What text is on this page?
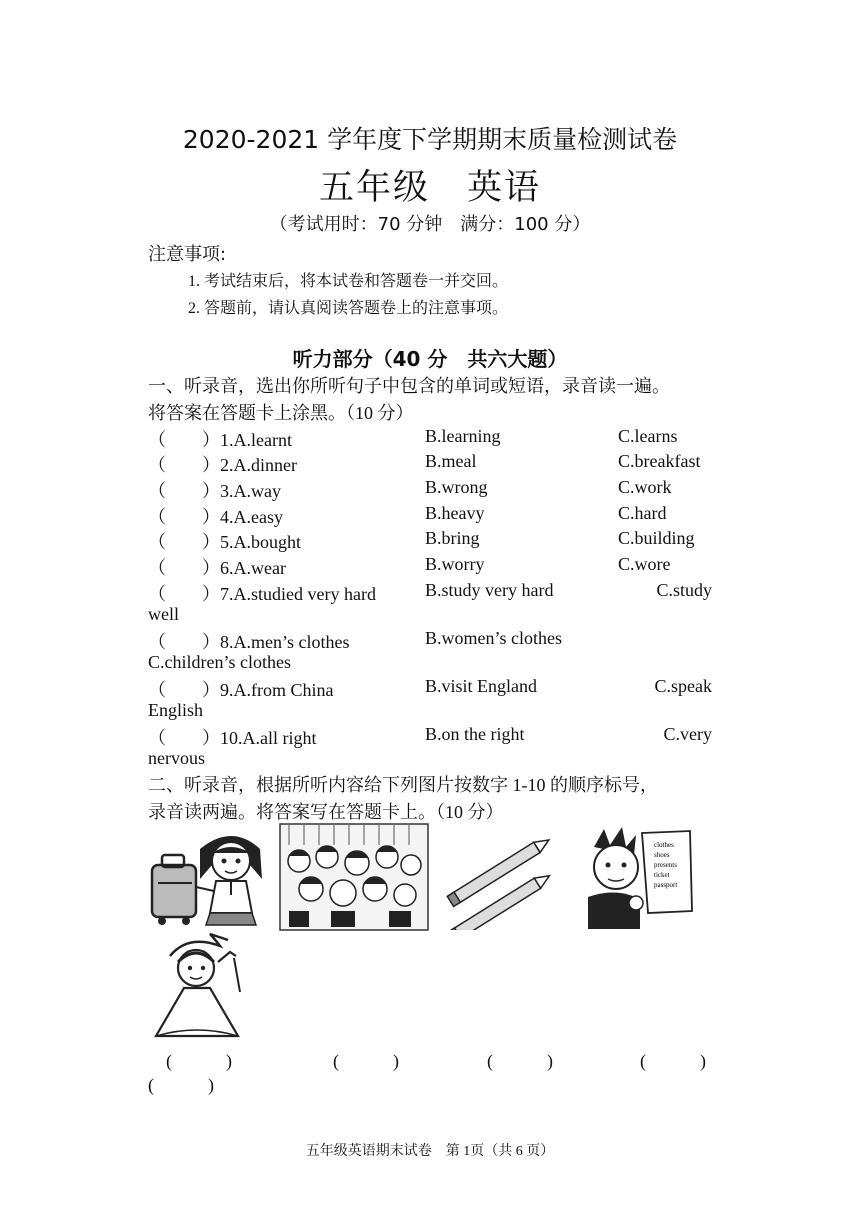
2020-2021 学年度下学期期末质量检测试卷
五年级　英语
（考试用时：70 分钟　满分：100 分）
注意事项:
1. 考试结束后，将本试卷和答题卷一并交回。
2. 答题前，请认真阅读答题卷上的注意事项。
听力部分（40 分　共六大题）
一、听录音，选出你所听句子中包含的单词或短语，录音读一遍。
将答案在答题卡上涂黑。（10 分）
（　　）1.A.learnt	B.learning	C.learns
（　　）2.A.dinner	B.meal	C.breakfast
（　　）3.A.way	B.wrong	C.work
（　　）4.A.easy	B.heavy	C.hard
（　　）5.A.bought	B.bring	C.building
（　　）6.A.wear	B.worry	C.wore
（　　）7.A.studied very hard	B.study very hard	C.study
well
（　　）8.A.men’s clothes	B.women’s clothes
C.children’s clothes
（　　）9.A.from China	B.visit England	C.speak
English
（　　）10.A.all right	B.on the right	C.very
nervous
二、听录音，根据所听内容给下列图片按数字 1-10 的顺序标号，
录音读两遍。将答案写在答题卡上。（10 分）
clothes
shoes
presents
ticket
passport
(　　　)	(　　　)	(　　　)	(　　　)
(　　　)
五年级英语期末试卷　第 1页（共 6 页）
